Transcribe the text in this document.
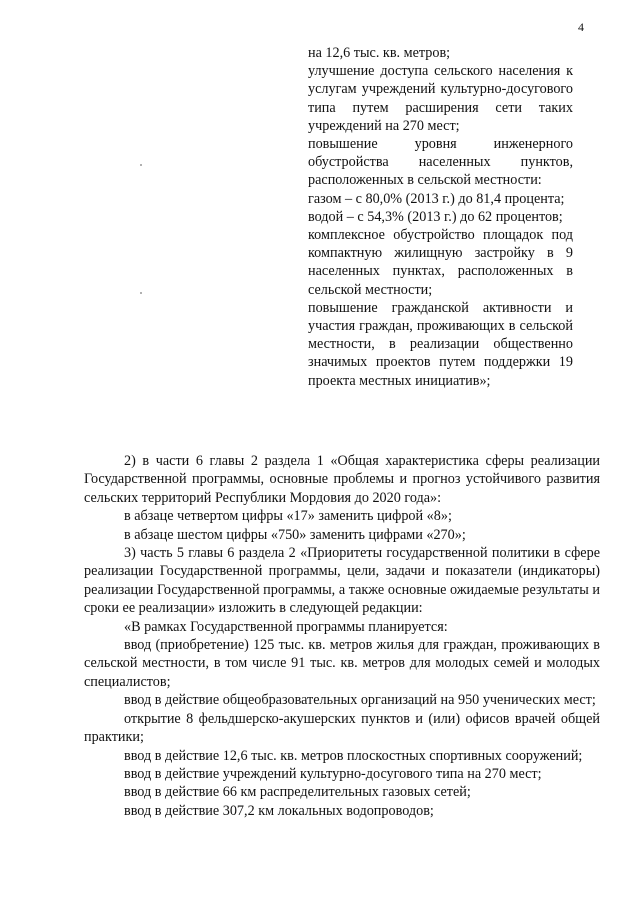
4

на 12,6 тыс. кв. метров;

улучшение доступа сельского населения к услугам учреждений культурно-досугового типа путем расширения сети таких учреждений на 270 мест;

повышение уровня инженерного обустройства населенных пунктов, расположенных в сельской местности:

газом – с 80,0% (2013 г.) до 81,4 процента;

водой – с 54,3% (2013 г.) до 62 процентов;

комплексное обустройство площадок под компактную жилищную застройку в 9 населенных пунктах, расположенных в сельской местности;

повышение гражданской активности и участия граждан, проживающих в сельской местности, в реализации общественно значимых проектов путем поддержки 19 проекта местных инициатив»;

2) в части 6 главы 2 раздела 1 «Общая характеристика сферы реализации Государственной программы, основные проблемы и прогноз устойчивого развития сельских территорий Республики Мордовия до 2020 года»:

в абзаце четвертом цифры «17» заменить цифрой «8»;

в абзаце шестом цифры «750» заменить цифрами «270»;

3) часть 5 главы 6 раздела 2 «Приоритеты государственной политики в сфере реализации Государственной программы, цели, задачи и показатели (индикаторы) реализации Государственной программы, а также основные ожидаемые результаты и сроки ее реализации» изложить в следующей редакции:

«В рамках Государственной программы планируется:

ввод (приобретение) 125 тыс. кв. метров жилья для граждан, проживающих в сельской местности, в том числе 91 тыс. кв. метров для молодых семей и молодых специалистов;

ввод в действие общеобразовательных организаций на 950 ученических мест;

открытие 8 фельдшерско-акушерских пунктов и (или) офисов врачей общей практики;

ввод в действие 12,6 тыс. кв. метров плоскостных спортивных сооружений;

ввод в действие учреждений культурно-досугового типа на 270 мест;

ввод в действие 66 км распределительных газовых сетей;

ввод в действие 307,2 км локальных водопроводов;
